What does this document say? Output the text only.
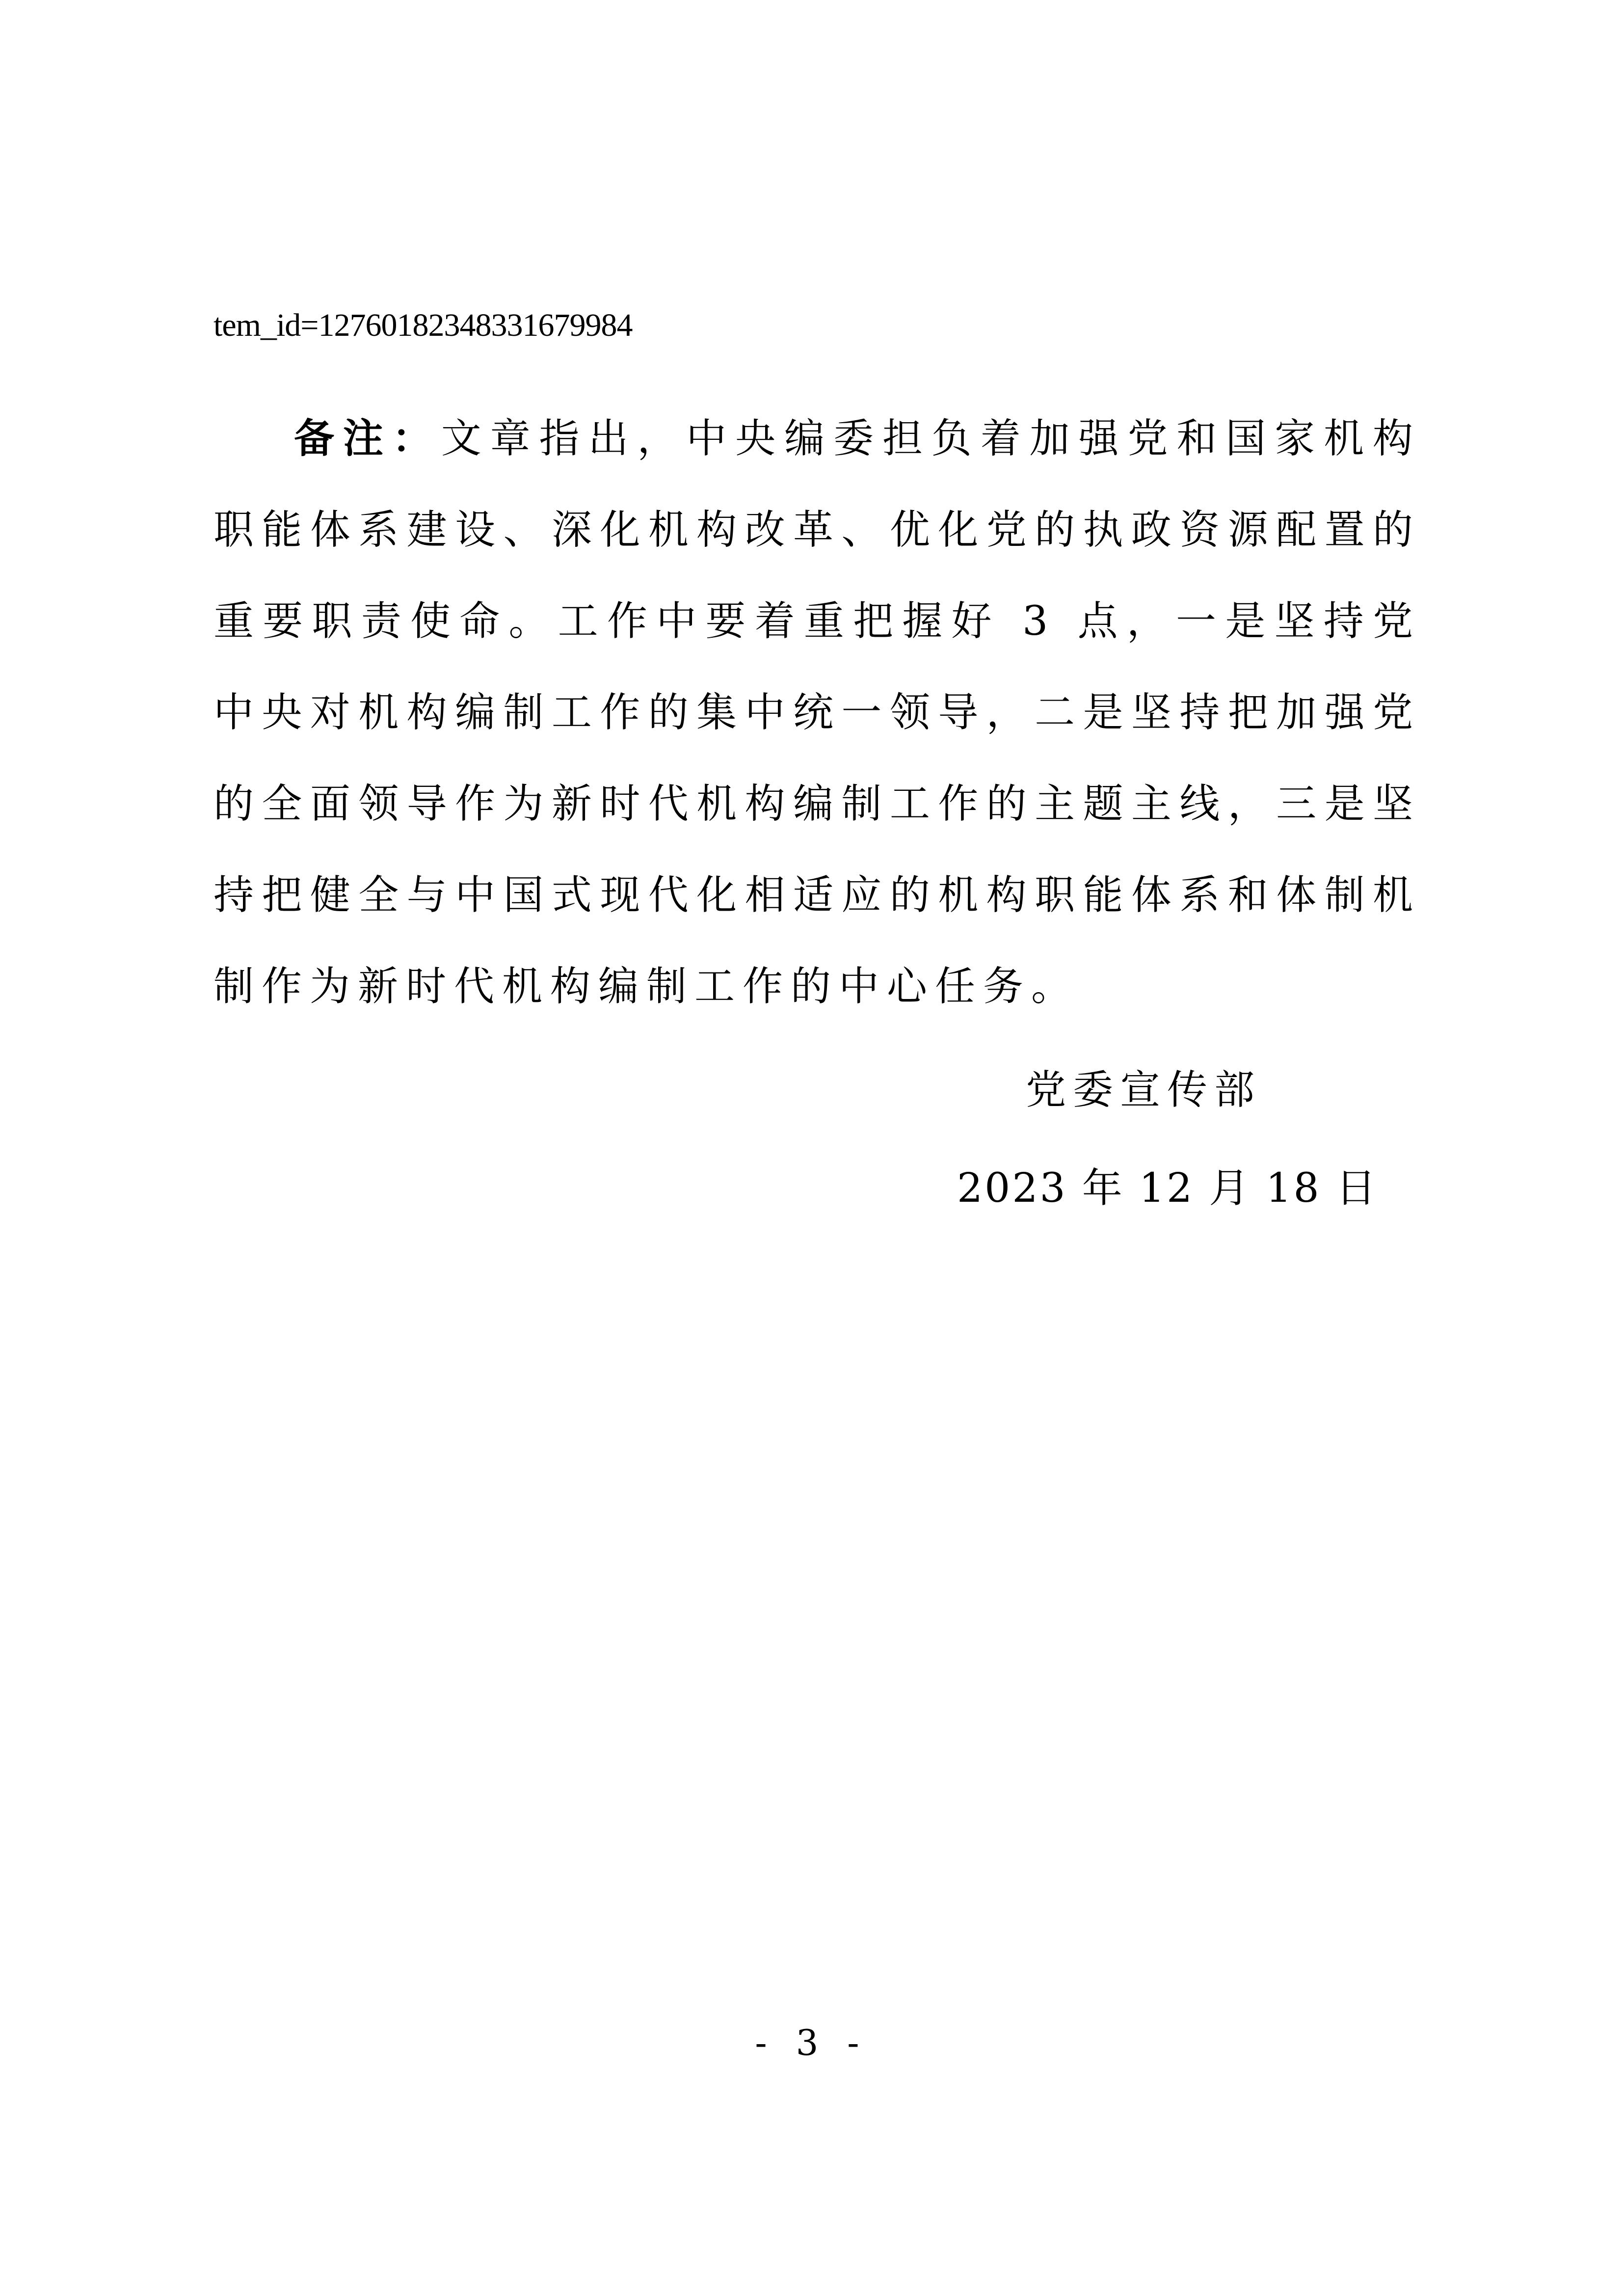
tem_id=12760182348331679984

备注：文章指出，中央编委担负着加强党和国家机构职能体系建设、深化机构改革、优化党的执政资源配置的重要职责使命。工作中要着重把握好 3 点，一是坚持党中央对机构编制工作的集中统一领导，二是坚持把加强党的全面领导作为新时代机构编制工作的主题主线，三是坚持把健全与中国式现代化相适应的机构职能体系和体制机制作为新时代机构编制工作的中心任务。

党委宣传部
2023 年 12 月 18 日
- 3 -
